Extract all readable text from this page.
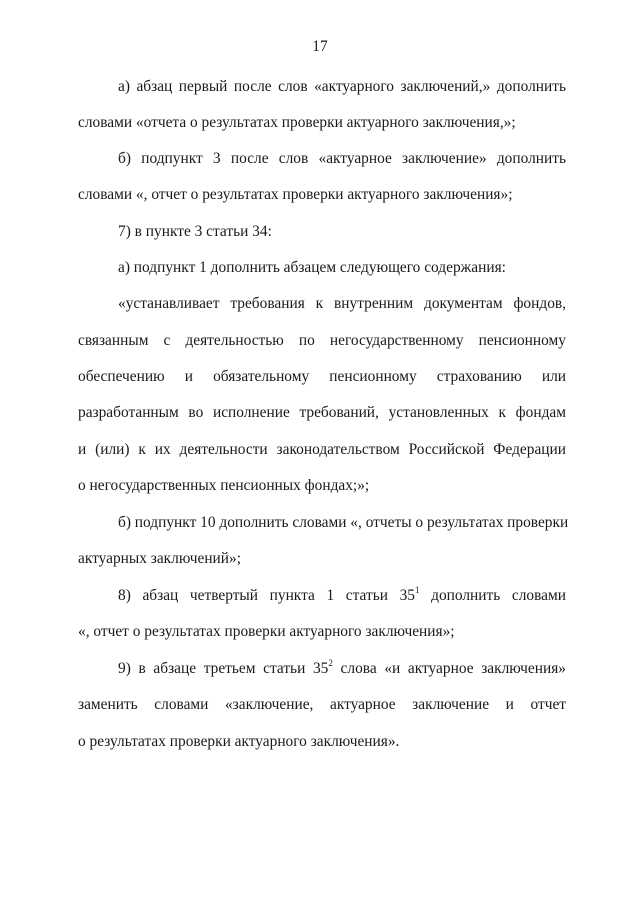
17
а) абзац первый после слов «актуарного заключений,» дополнить
словами «отчета о результатах проверки актуарного заключения,»;
б) подпункт 3 после слов «актуарное заключение» дополнить
словами «, отчет о результатах проверки актуарного заключения»;
7) в пункте 3 статьи 34:
а) подпункт 1 дополнить абзацем следующего содержания:
«устанавливает требования к внутренним документам фондов,
связанным с деятельностью по негосударственному пенсионному
обеспечению и обязательному пенсионному страхованию или
разработанным во исполнение требований, установленных к фондам
и (или) к их деятельности законодательством Российской Федерации
о негосударственных пенсионных фондах;»;
б) подпункт 10 дополнить словами «, отчеты о результатах проверки
актуарных заключений»;
8) абзац четвертый пункта 1 статьи $35^1$ дополнить словами
«, отчет о результатах проверки актуарного заключения»;
9) в абзаце третьем статьи $35^2$ слова «и актуарное заключения»
заменить словами «заключение, актуарное заключение и отчет
о результатах проверки актуарного заключения».
